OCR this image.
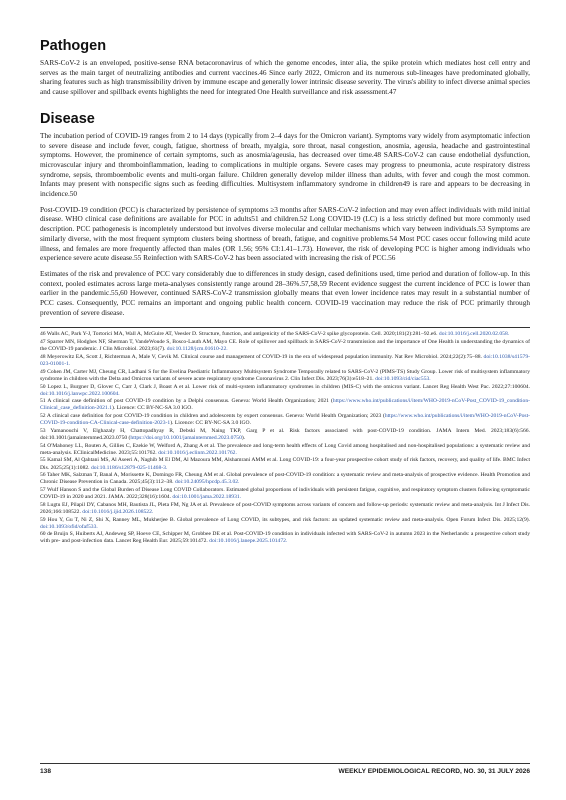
Pathogen

SARS-CoV-2 is an enveloped, positive-sense RNA betacoronavirus of which the genome encodes, inter alia, the spike protein which mediates host cell entry and serves as the main target of neutralizing antibodies and current vaccines.46 Since early 2022, Omicron and its numerous sub-lineages have predominated globally, sharing features such as high transmissibility driven by immune escape and generally lower intrinsic disease severity. The virus's ability to infect diverse animal species and cause spillover and spillback events highlights the need for integrated One Health surveillance and risk assessment.47

Disease

The incubation period of COVID-19 ranges from 2 to 14 days (typically from 2–4 days for the Omicron variant). Symptoms vary widely from asymptomatic infection to severe disease and include fever, cough, fatigue, shortness of breath, myalgia, sore throat, nasal congestion, anosmia, ageusia, headache and gastrointestinal symptoms. However, the prominence of certain symptoms, such as anosmia/ageusia, has decreased over time.48 SARS-CoV-2 can cause endothelial dysfunction, microvascular injury and thromboinflammation, leading to complications in multiple organs. Severe cases may progress to pneumonia, acute respiratory distress syndrome, sepsis, thromboembolic events and multi-organ failure. Children generally develop milder illness than adults, with fever and cough the most common. Infants may present with nonspecific signs such as feeding difficulties. Multisystem inflammatory syndrome in children49 is rare and appears to be decreasing in incidence.50

Post-COVID-19 condition (PCC) is characterized by persistence of symptoms ≥3 months after SARS-CoV-2 infection and may even affect individuals with mild initial disease. WHO clinical case definitions are available for PCC in adults51 and children.52 Long COVID-19 (LC) is a less strictly defined but more commonly used description. PCC pathogenesis is incompletely understood but involves diverse molecular and cellular mechanisms which vary between individuals.53 Symptoms are similarly diverse, with the most frequent symptom clusters being shortness of breath, fatigue, and cognitive problems.54 Most PCC cases occur following mild acute illness, and females are more frequently affected than males (OR 1.56; 95% CI:1.41–1.73). However, the risk of developing PCC is higher among individuals who experience severe acute disease.55 Reinfection with SARS-CoV-2 has been associated with increasing the risk of PCC.56

Estimates of the risk and prevalence of PCC vary considerably due to differences in study design, cased definitions used, time period and duration of follow-up. In this context, pooled estimates across large meta-analyses consistently range around 28–36%.57,58,59 Recent evidence suggest the current incidence of PCC is lower than earlier in the pandemic.55,60 However, continued SARS-CoV-2 transmission globally means that even lower incidence rates may result in a substantial number of PCC cases. Consequently, PCC remains an important and ongoing public health concern. COVID-19 vaccination may reduce the risk of PCC primarily through prevention of severe disease.

46 Walls AC, Park Y-J, Tortorici MA, Wall A, McGuire AT, Veesler D. Structure, function, and antigenicity of the SARS-CoV-2 spike glycoprotein. Cell. 2020;181(2):281–92.e6. doi:10.1016/j.cell.2020.02.058.

47 Sparrer MN, Hodghes NF, Sherman T, VandeWoude S, Bosco-Lauth AM, Mayo CE. Role of spillover and spillback in SARS-CoV-2 transmission and the importance of One Health in understanding the dynamics of the COVID-19 pandemic. J Clin Microbiol. 2023;61(7). doi:10.1128/jcm.01610-22.

48 Meyerowitz EA, Scott J, Richterman A, Male V, Cevik M. Clinical course and management of COVID-19 in the era of widespread population immunity. Nat Rev Microbiol. 2024;22(2):75–88. doi:10.1038/s41579-023-01001-1.

49 Cohen JM, Carter MJ, Cheung CR, Ladhani S for the Evelina Paediatric Inflammatory Multisystem Syndrome Temporally related to SARS-CoV-2 (PIMS-TS) Study Group. Lower risk of multisystem inflammatory syndrome in children with the Delta and Omicron variants of severe acute respiratory syndrome Coronavirus 2. Clin Infect Dis. 2023;76(3):e518–21. doi:10.1093/cid/ciac553.

50 Lopez L, Burgner D, Glover C, Carr J, Clark J, Boast A et al. Lower risk of multi-system inflammatory syndromes in children (MIS-C) with the omicron variant. Lancet Reg Health West Pac. 2022;27:100604. doi:10.1016/j.lanwpc.2022.100604.

51 A clinical case definition of post COVID-19 condition by a Delphi consensus. Geneva: World Health Organization; 2021 (https://www.who.int/publications/i/item/WHO-2019-nCoV-Post_COVID-19_condition-Clinical_case_definition-2021.1). Licence: CC BY-NC-SA 3.0 IGO.

52 A clinical case definition for post COVID-19 condition in children and adolescents by expert consensus. Geneva: World Health Organization; 2023 (https://www.who.int/publications/i/item/WHO-2019-nCoV-Post-COVID-19-condition-CA-Clinical-case-definition-2023-1). Licence: CC BY-NC-SA 3.0 IGO.

53 Yamanouchi V, Elghazaly H, Chattopadhyay R, Debski M, Naing TKP, Garg P et al. Risk factors associated with post-COVID-19 condition. JAMA Intern Med. 2023;183(6):566. doi:10.1001/jamainternmed.2023.0750 (https://doi.org/10.1001/jamainternmed.2023.0750).

54 O'Mahoney LL, Routen A, Gillies C, Ezekie W, Welford A, Zhang A et al. The prevalence and long-term health effects of Long Covid among hospitalised and non-hospitalised populations: a systematic review and meta-analysis. EClinicalMedicine. 2023;55:101762. doi:10.1016/j.eclinm.2022.101762.

55 Kamal SM, Al Qahtani MS, Al Aseeri A, Naghib M El DM, Al Mazoura MM, Alshamrani AMM et al. Long COVID-19: a four-year prospective cohort study of risk factors, recovery, and quality of life. BMC Infect Dis. 2025;25(1):1082. doi:10.1186/s12879-025-11468-3.

56 Taher MK, Salzman T, Banal A, Morissette K, Domingo FR, Cheung AM et al. Global prevalence of post-COVID-19 condition: a systematic review and meta-analysis of prospective evidence. Health Promotion and Chronic Disease Prevention in Canada. 2025;45(3):112–38. doi:10.24095/hpcdp.45.3.02.

57 Wulf Hanson S and the Global Burden of Disease Long COVID Collaborators. Estimated global proportions of individuals with persistent fatigue, cognitive, and respiratory symptom clusters following symptomatic COVID-19 in 2020 and 2021. JAMA. 2022;328(16):1604. doi:10.1001/jama.2022.18931.

58 Lugtu EJ, Pilapil DY, Cabanos MH, Bautista JL, Pleta FM, Ng JA et al. Prevalence of post-COVID symptoms across variants of concern and follow-up periods: systematic review and meta-analysis. Int J Infect Dis. 2026;166:108522. doi:10.1016/j.ijid.2026.108522.

59 Hou Y, Gu T, Ni Z, Shi X, Ranney ML, Mukherjee B. Global prevalence of Long COVID, its subtypes, and risk factors: an updated systematic review and meta-analysis. Open Forum Infect Dis. 2025;12(9). doi:10.1093/ofid/ofaf533.

60 de Bruijn S, Huiberts AJ, Andeweg SP, Hoeve CE, Schipper M, Grobbee DE et al. Post-COVID-19 condition in individuals infected with SARS-CoV-2 in autumn 2023 in the Netherlands: a prospective cohort study with pre- and post-infection data. Lancet Reg Health Eur. 2025;59:101472. doi:10.1016/j.lanepe.2025.101472.

138	WEEKLY EPIDEMIOLOGICAL RECORD, NO. 30, 31 JULY 2026
